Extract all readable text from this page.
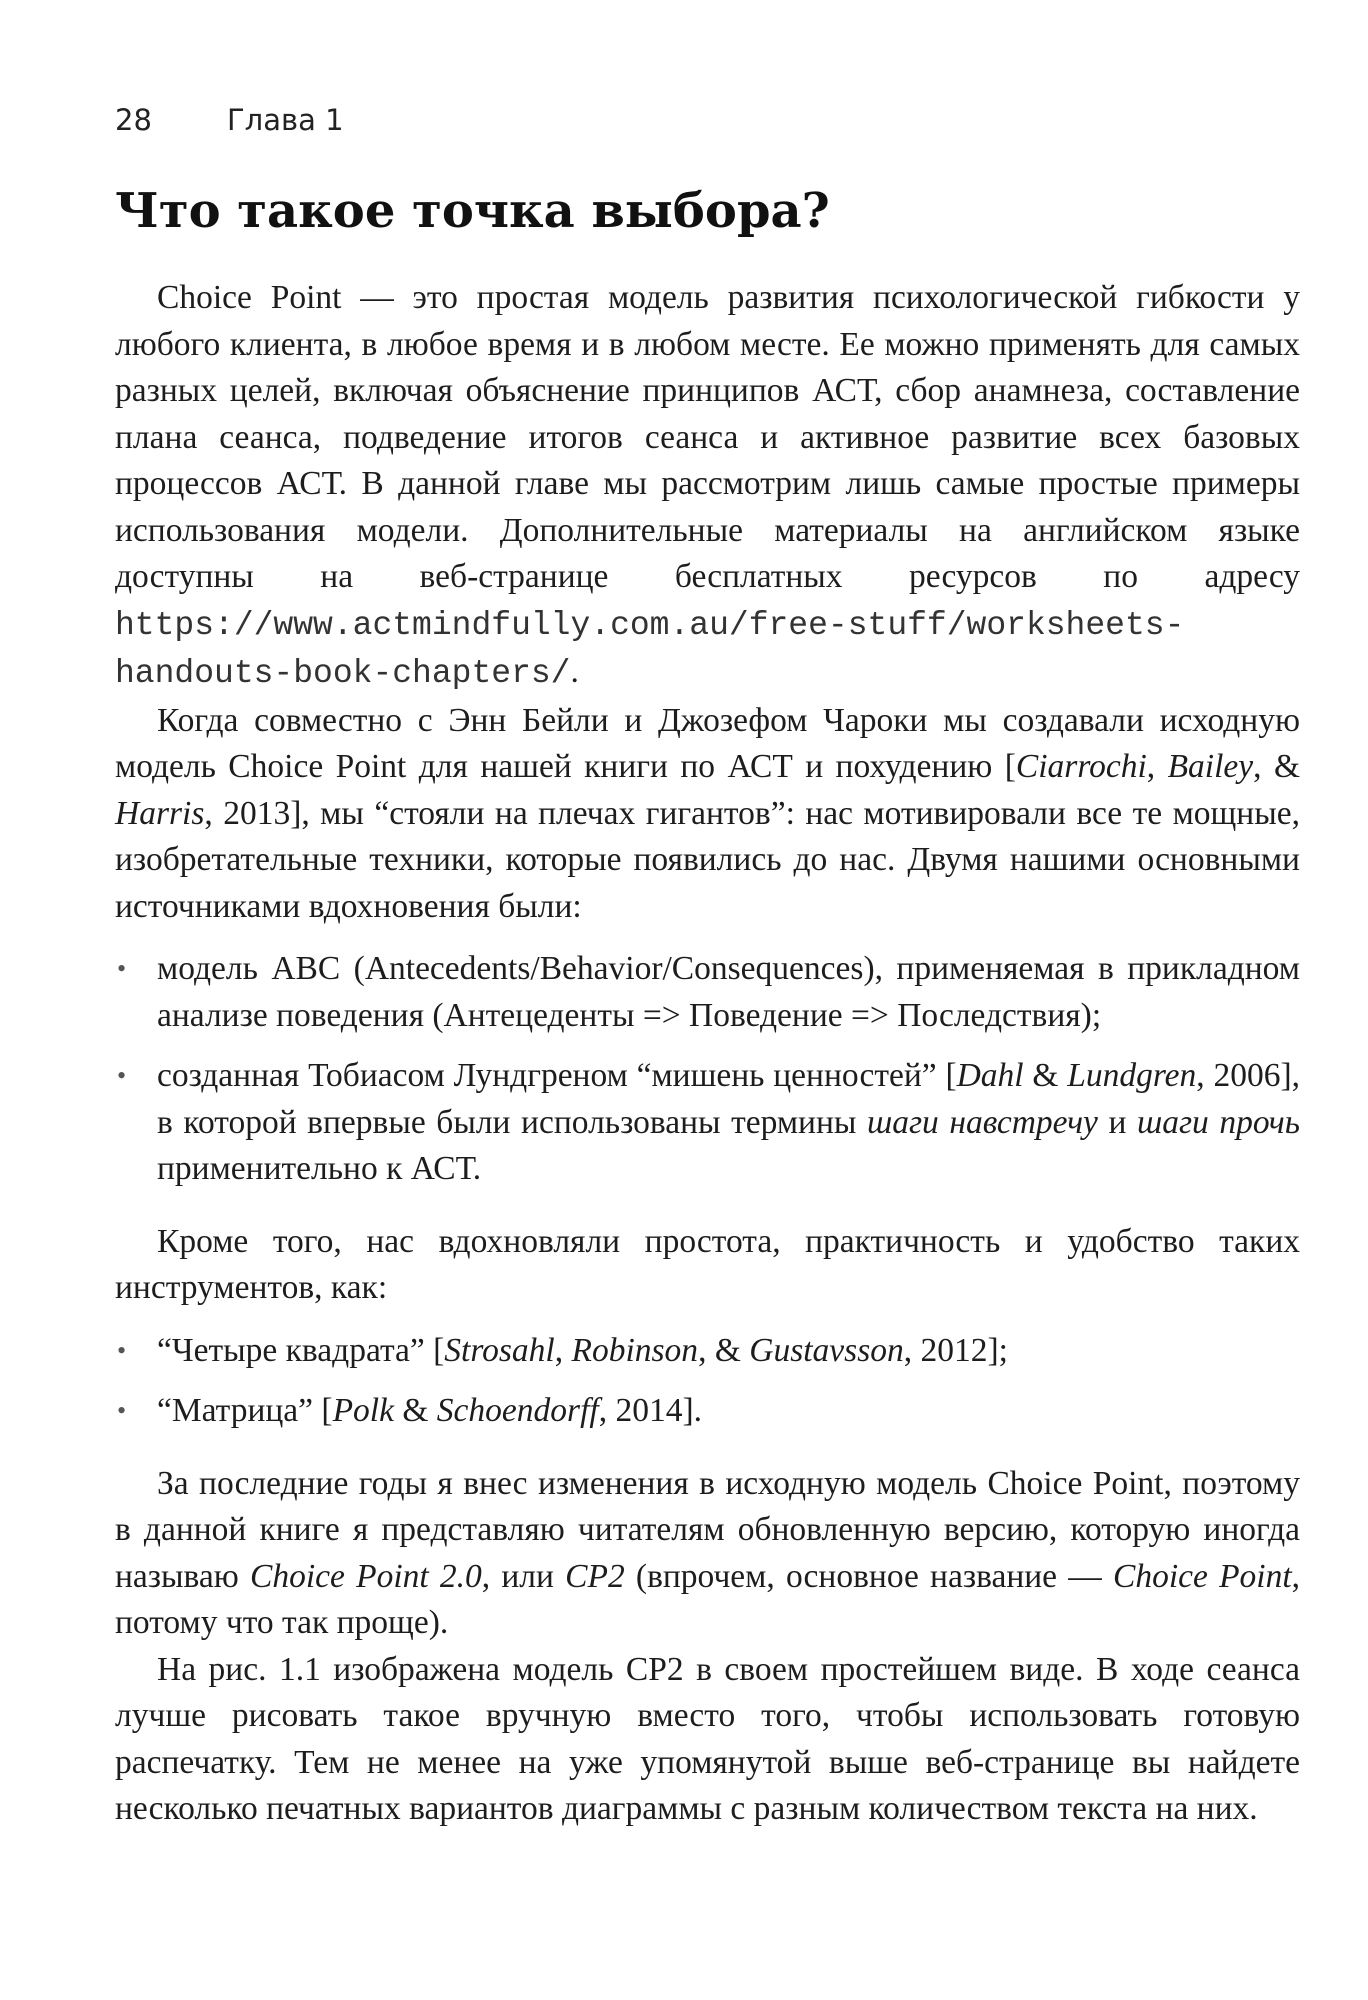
28	Глава 1
Что такое точка выбора?

Choice Point — это простая модель развития психологической гибкости у любого клиента, в любое время и в любом месте. Ее можно применять для самых разных целей, включая объяснение принципов АСТ, сбор анамнеза, составление плана сеанса, подведение итогов сеанса и активное развитие всех базовых процессов АСТ. В данной главе мы рассмотрим лишь самые простые примеры использования модели. Дополнительные материалы на английском языке доступны на веб-странице бесплатных ресурсов по адресу https://www.actmindfully.com.au/free-stuff/worksheets-handouts-book-chapters/.

Когда совместно с Энн Бейли и Джозефом Чароки мы создавали исходную модель Choice Point для нашей книги по АСТ и похудению [Ciarrochi, Bailey, & Harris, 2013], мы “стояли на плечах гигантов”: нас мотивировали все те мощные, изобретательные техники, которые появились до нас. Двумя нашими основными источниками вдохновения были:

• модель ABC (Antecedents/Behavior/Consequences), применяемая в прикладном анализе поведения (Антецеденты => Поведение => Последствия);
• созданная Тобиасом Лундгреном “мишень ценностей” [Dahl & Lundgren, 2006], в которой впервые были использованы термины шаги навстречу и шаги прочь применительно к АСТ.

Кроме того, нас вдохновляли простота, практичность и удобство таких инструментов, как:

• “Четыре квадрата” [Strosahl, Robinson, & Gustavsson, 2012];
• “Матрица” [Polk & Schoendorff, 2014].

За последние годы я внес изменения в исходную модель Choice Point, поэтому в данной книге я представляю читателям обновленную версию, которую иногда называю Choice Point 2.0, или CP2 (впрочем, основное название — Choice Point, потому что так проще).

На рис. 1.1 изображена модель CP2 в своем простейшем виде. В ходе сеанса лучше рисовать такое вручную вместо того, чтобы использовать готовую распечатку. Тем не менее на уже упомянутой выше веб-странице вы найдете несколько печатных вариантов диаграммы с разным количеством текста на них.
